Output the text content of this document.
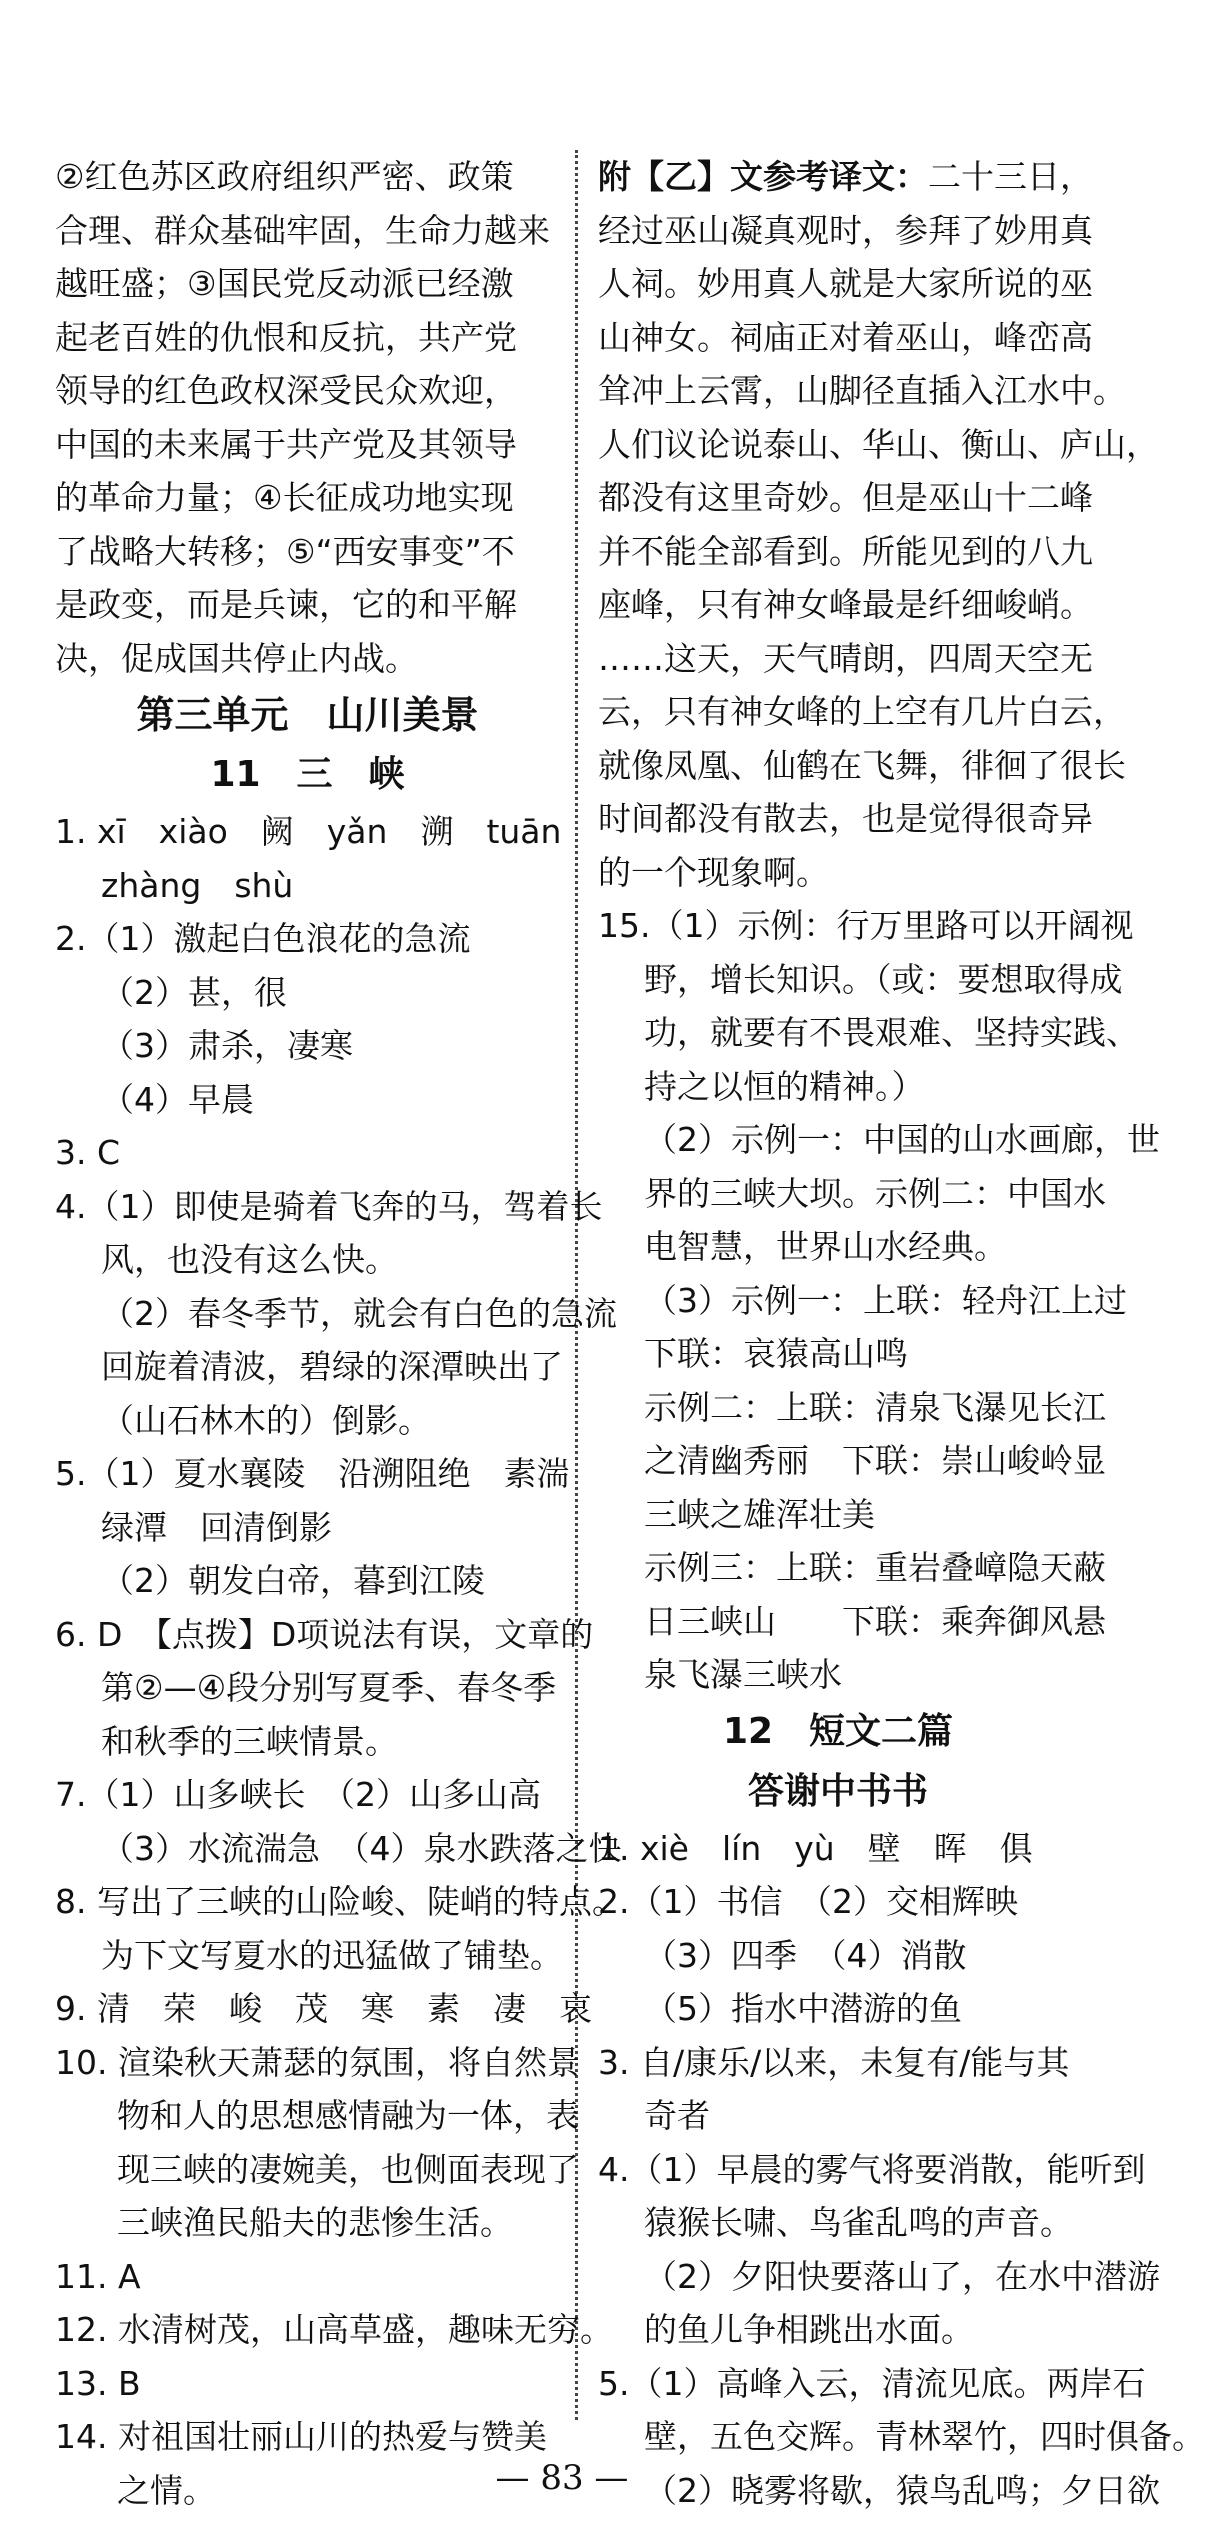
②红色苏区政府组织严密、政策
合理、群众基础牢固，生命力越来
越旺盛；③国民党反动派已经激
起老百姓的仇恨和反抗，共产党
领导的红色政权深受民众欢迎，
中国的未来属于共产党及其领导
的革命力量；④长征成功地实现
了战略大转移；⑤“西安事变”不
是政变，而是兵谏，它的和平解
决，促成国共停止内战。
第三单元　山川美景
11　三　峡
1. xī　xiào　阙　yǎn　溯　tuān
zhàng　shù
2.（1）激起白色浪花的急流
（2）甚，很
（3）肃杀，凄寒
（4）早晨
3. C
4.（1）即使是骑着飞奔的马，驾着长
风，也没有这么快。
（2）春冬季节，就会有白色的急流
回旋着清波，碧绿的深潭映出了
（山石林木的）倒影。
5.（1）夏水襄陵　沿溯阻绝　素湍
绿潭　回清倒影
（2）朝发白帝，暮到江陵
6. D　【点拨】D项说法有误，文章的
第②—④段分别写夏季、春冬季
和秋季的三峡情景。
7.（1）山多峡长　（2）山多山高
（3）水流湍急　（4）泉水跌落之快
8. 写出了三峡的山险峻、陡峭的特点。
为下文写夏水的迅猛做了铺垫。
9. 清　荣　峻　茂　寒　素　凄　哀
10. 渲染秋天萧瑟的氛围，将自然景
物和人的思想感情融为一体，表
现三峡的凄婉美，也侧面表现了
三峡渔民船夫的悲惨生活。
11. A
12. 水清树茂，山高草盛，趣味无穷。
13. B
14. 对祖国壮丽山川的热爱与赞美
之情。
附【乙】文参考译文：二十三日，
经过巫山凝真观时，参拜了妙用真
人祠。妙用真人就是大家所说的巫
山神女。祠庙正对着巫山，峰峦高
耸冲上云霄，山脚径直插入江水中。
人们议论说泰山、华山、衡山、庐山，
都没有这里奇妙。但是巫山十二峰
并不能全部看到。所能见到的八九
座峰，只有神女峰最是纤细峻峭。
……这天，天气晴朗，四周天空无
云，只有神女峰的上空有几片白云，
就像凤凰、仙鹤在飞舞，徘徊了很长
时间都没有散去，也是觉得很奇异
的一个现象啊。
15.（1）示例：行万里路可以开阔视
野，增长知识。（或：要想取得成
功，就要有不畏艰难、坚持实践、
持之以恒的精神。）
（2）示例一：中国的山水画廊，世
界的三峡大坝。示例二：中国水
电智慧，世界山水经典。
（3）示例一：上联：轻舟江上过
下联：哀猿高山鸣
示例二：上联：清泉飞瀑见长江
之清幽秀丽　下联：崇山峻岭显
三峡之雄浑壮美
示例三：上联：重岩叠嶂隐天蔽
日三峡山　　下联：乘奔御风悬
泉飞瀑三峡水
12　短文二篇
答谢中书书
1. xiè　lín　yù　壁　晖　俱
2.（1）书信　（2）交相辉映
（3）四季　（4）消散
（5）指水中潜游的鱼
3. 自/康乐/以来，未复有/能与其
奇者
4.（1）早晨的雾气将要消散，能听到
猿猴长啸、鸟雀乱鸣的声音。
（2）夕阳快要落山了，在水中潜游
的鱼儿争相跳出水面。
5.（1）高峰入云，清流见底。两岸石
壁，五色交辉。青林翠竹，四时俱备。
（2）晓雾将歇，猿鸟乱鸣；夕日欲
— 83 —
